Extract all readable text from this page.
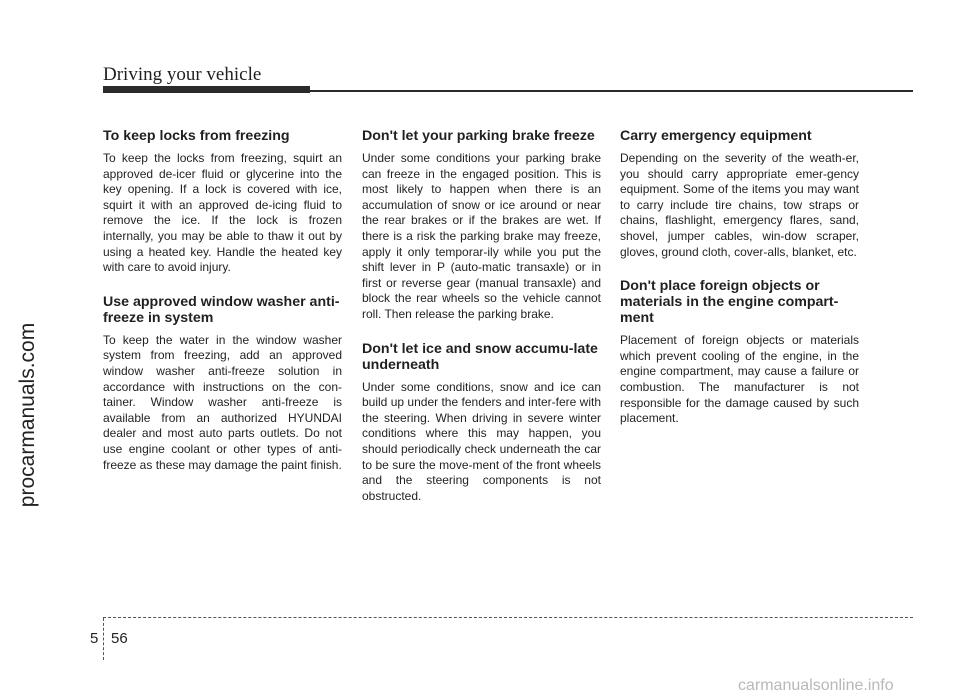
Driving your vehicle
procarmanuals.com
To keep locks from freezing

To keep the locks from freezing, squirt an approved de-icer fluid or glycerine into the key opening. If a lock is covered with ice, squirt it with an approved de-icing fluid to remove the ice. If the lock is frozen internally, you may be able to thaw it out by using a heated key. Handle the heated key with care to avoid injury.

Use approved window washer anti-freeze in system

To keep the water in the window washer system from freezing, add an approved window washer anti-freeze solution in accordance with instructions on the con-tainer. Window washer anti-freeze is available from an authorized HYUNDAI dealer and most auto parts outlets. Do not use engine coolant or other types of anti-freeze as these may damage the paint finish.

Don't let your parking brake freeze

Under some conditions your parking brake can freeze in the engaged position. This is most likely to happen when there is an accumulation of snow or ice around or near the rear brakes or if the brakes are wet. If there is a risk the parking brake may freeze, apply it only temporar-ily while you put the shift lever in P (auto-matic transaxle) or in first or reverse gear (manual transaxle) and block the rear wheels so the vehicle cannot roll. Then release the parking brake.

Don't let ice and snow accumu-late underneath

Under some conditions, snow and ice can build up under the fenders and inter-fere with the steering. When driving in severe winter conditions where this may happen, you should periodically check underneath the car to be sure the move-ment of the front wheels and the steering components is not obstructed.

Carry emergency equipment

Depending on the severity of the weath-er, you should carry appropriate emer-gency equipment. Some of the items you may want to carry include tire chains, tow straps or chains, flashlight, emergency flares, sand, shovel, jumper cables, win-dow scraper, gloves, ground cloth, cover-alls, blanket, etc.

Don't place foreign objects or materials in the engine compart-ment

Placement of foreign objects or materials which prevent cooling of the engine, in the engine compartment, may cause a failure or combustion. The manufacturer is not responsible for the damage caused by such placement.

5 56
carmanualsonline.info
